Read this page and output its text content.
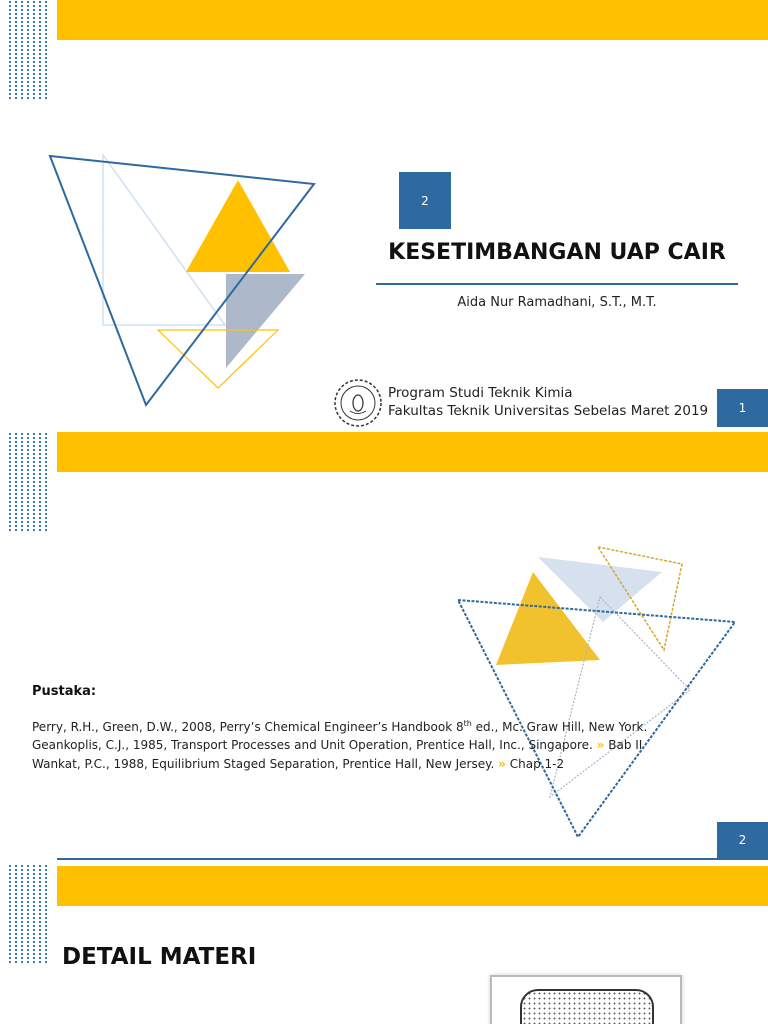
2
KESETIMBANGAN UAP CAIR
Aida Nur Ramadhani, S.T., M.T.
Program Studi Teknik Kimia
Fakultas Teknik Universitas Sebelas Maret 2019	1
Pustaka:
Perry, R.H., Green, D.W., 2008, Perry’s Chemical Engineer’s Handbook 8th ed., Mc. Graw Hill, New York.
Geankoplis, C.J., 1985, Transport Processes and Unit Operation, Prentice Hall, Inc., Singapore. » Bab II
Wankat, P.C., 1988, Equilibrium Staged Separation, Prentice Hall, New Jersey. » Chap 1-2
2
DETAIL MATERI
